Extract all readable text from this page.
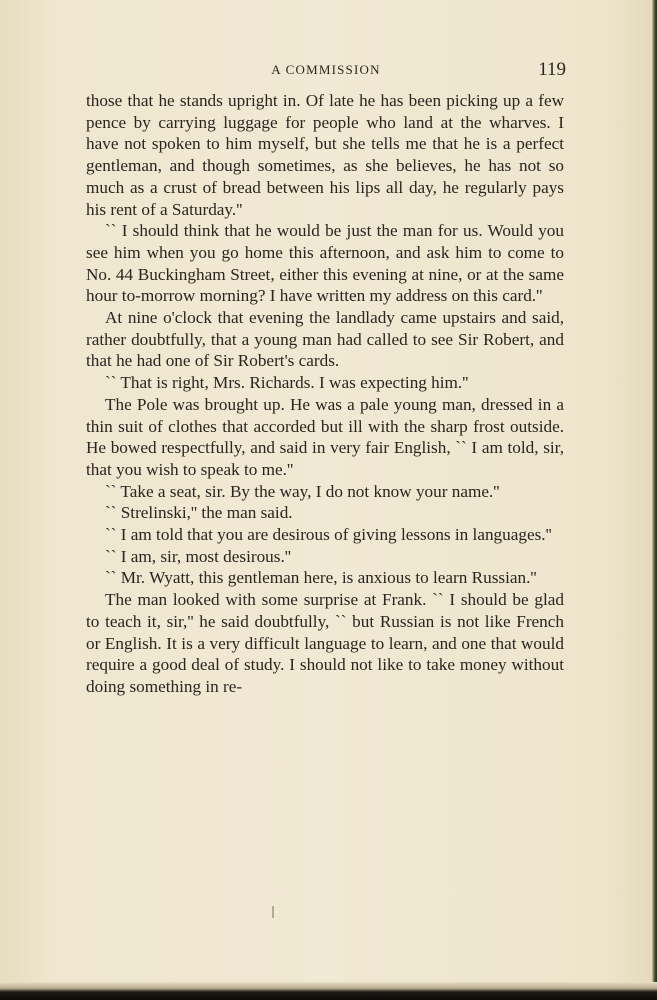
A COMMISSION	119

those that he stands upright in. Of late he has been picking up a few pence by carrying luggage for people who land at the wharves. I have not spoken to him myself, but she tells me that he is a perfect gentleman, and though sometimes, as she believes, he has not so much as a crust of bread between his lips all day, he regularly pays his rent of a Saturday.''

`` I should think that he would be just the man for us. Would you see him when you go home this afternoon, and ask him to come to No. 44 Buckingham Street, either this evening at nine, or at the same hour to-morrow morning? I have written my address on this card.''

At nine o'clock that evening the landlady came upstairs and said, rather doubtfully, that a young man had called to see Sir Robert, and that he had one of Sir Robert's cards.

`` That is right, Mrs. Richards. I was expecting him.''

The Pole was brought up. He was a pale young man, dressed in a thin suit of clothes that accorded but ill with the sharp frost outside. He bowed respectfully, and said in very fair English, `` I am told, sir, that you wish to speak to me.''

`` Take a seat, sir. By the way, I do not know your name.''

`` Strelinski,'' the man said.

`` I am told that you are desirous of giving lessons in languages.''

`` I am, sir, most desirous.''

`` Mr. Wyatt, this gentleman here, is anxious to learn Russian.''

The man looked with some surprise at Frank. `` I should be glad to teach it, sir,'' he said doubtfully, `` but Russian is not like French or English. It is a very difficult language to learn, and one that would require a good deal of study. I should not like to take money without doing something in re-
